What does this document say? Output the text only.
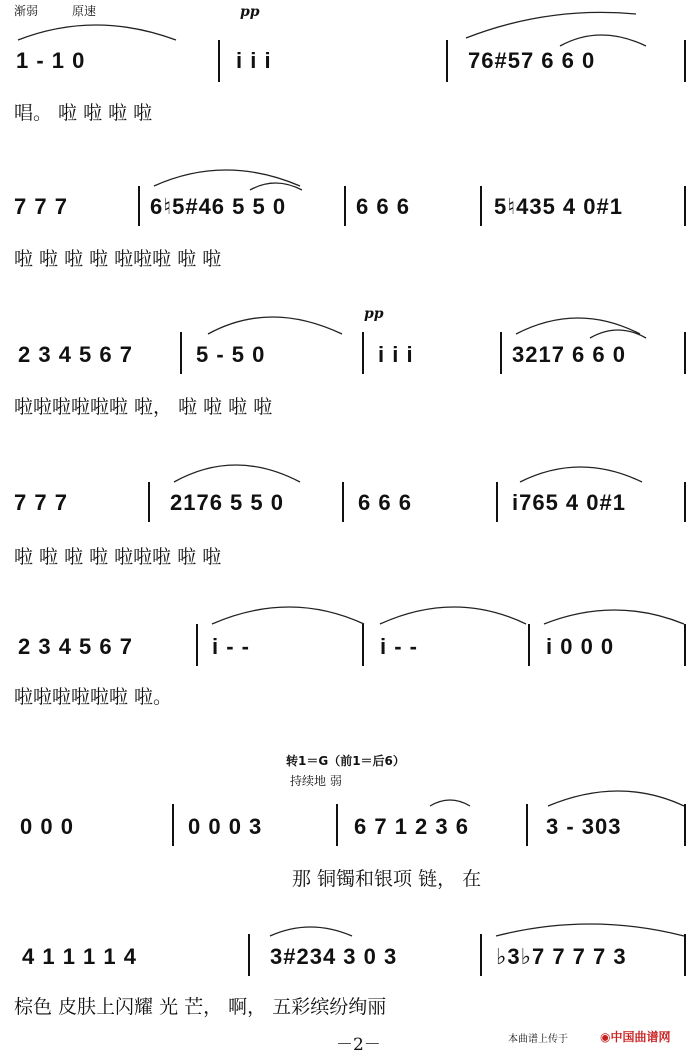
渐弱	原速	pp
1 - 1 0	i i i	76#57 6 6 0
唱。 啦 啦 啦 啦
7 7 7	6♮5#46 5 5 0	6 6 6	5♮435 4 0#1
啦 啦 啦 啦 啦啦啦 啦 啦
pp
2 3 4 5 6 7	5 - 5 0	i i i	3217 6 6 0
啦啦啦啦啦啦 啦， 啦 啦 啦 啦
7 7 7	2176 5 5 0	6 6 6	i765 4 0#1
啦 啦 啦 啦 啦啦啦 啦 啦
2 3 4 5 6 7	i - -	i - -	i 0 0 0
啦啦啦啦啦啦 啦。
转1＝G（前1＝后6）
持续地 弱
0 0 0	0 0 0 3	6 7 1 2 3 6	3 - 303
那 铜镯和银项 链， 在
4 1 1 1 1 4	3#234 3 0 3	♭3♭7 7 7 7 3
棕色 皮肤上闪耀 光 芒， 啊， 五彩缤纷绚丽
－2－	本曲谱上传于	◉中国曲谱网
